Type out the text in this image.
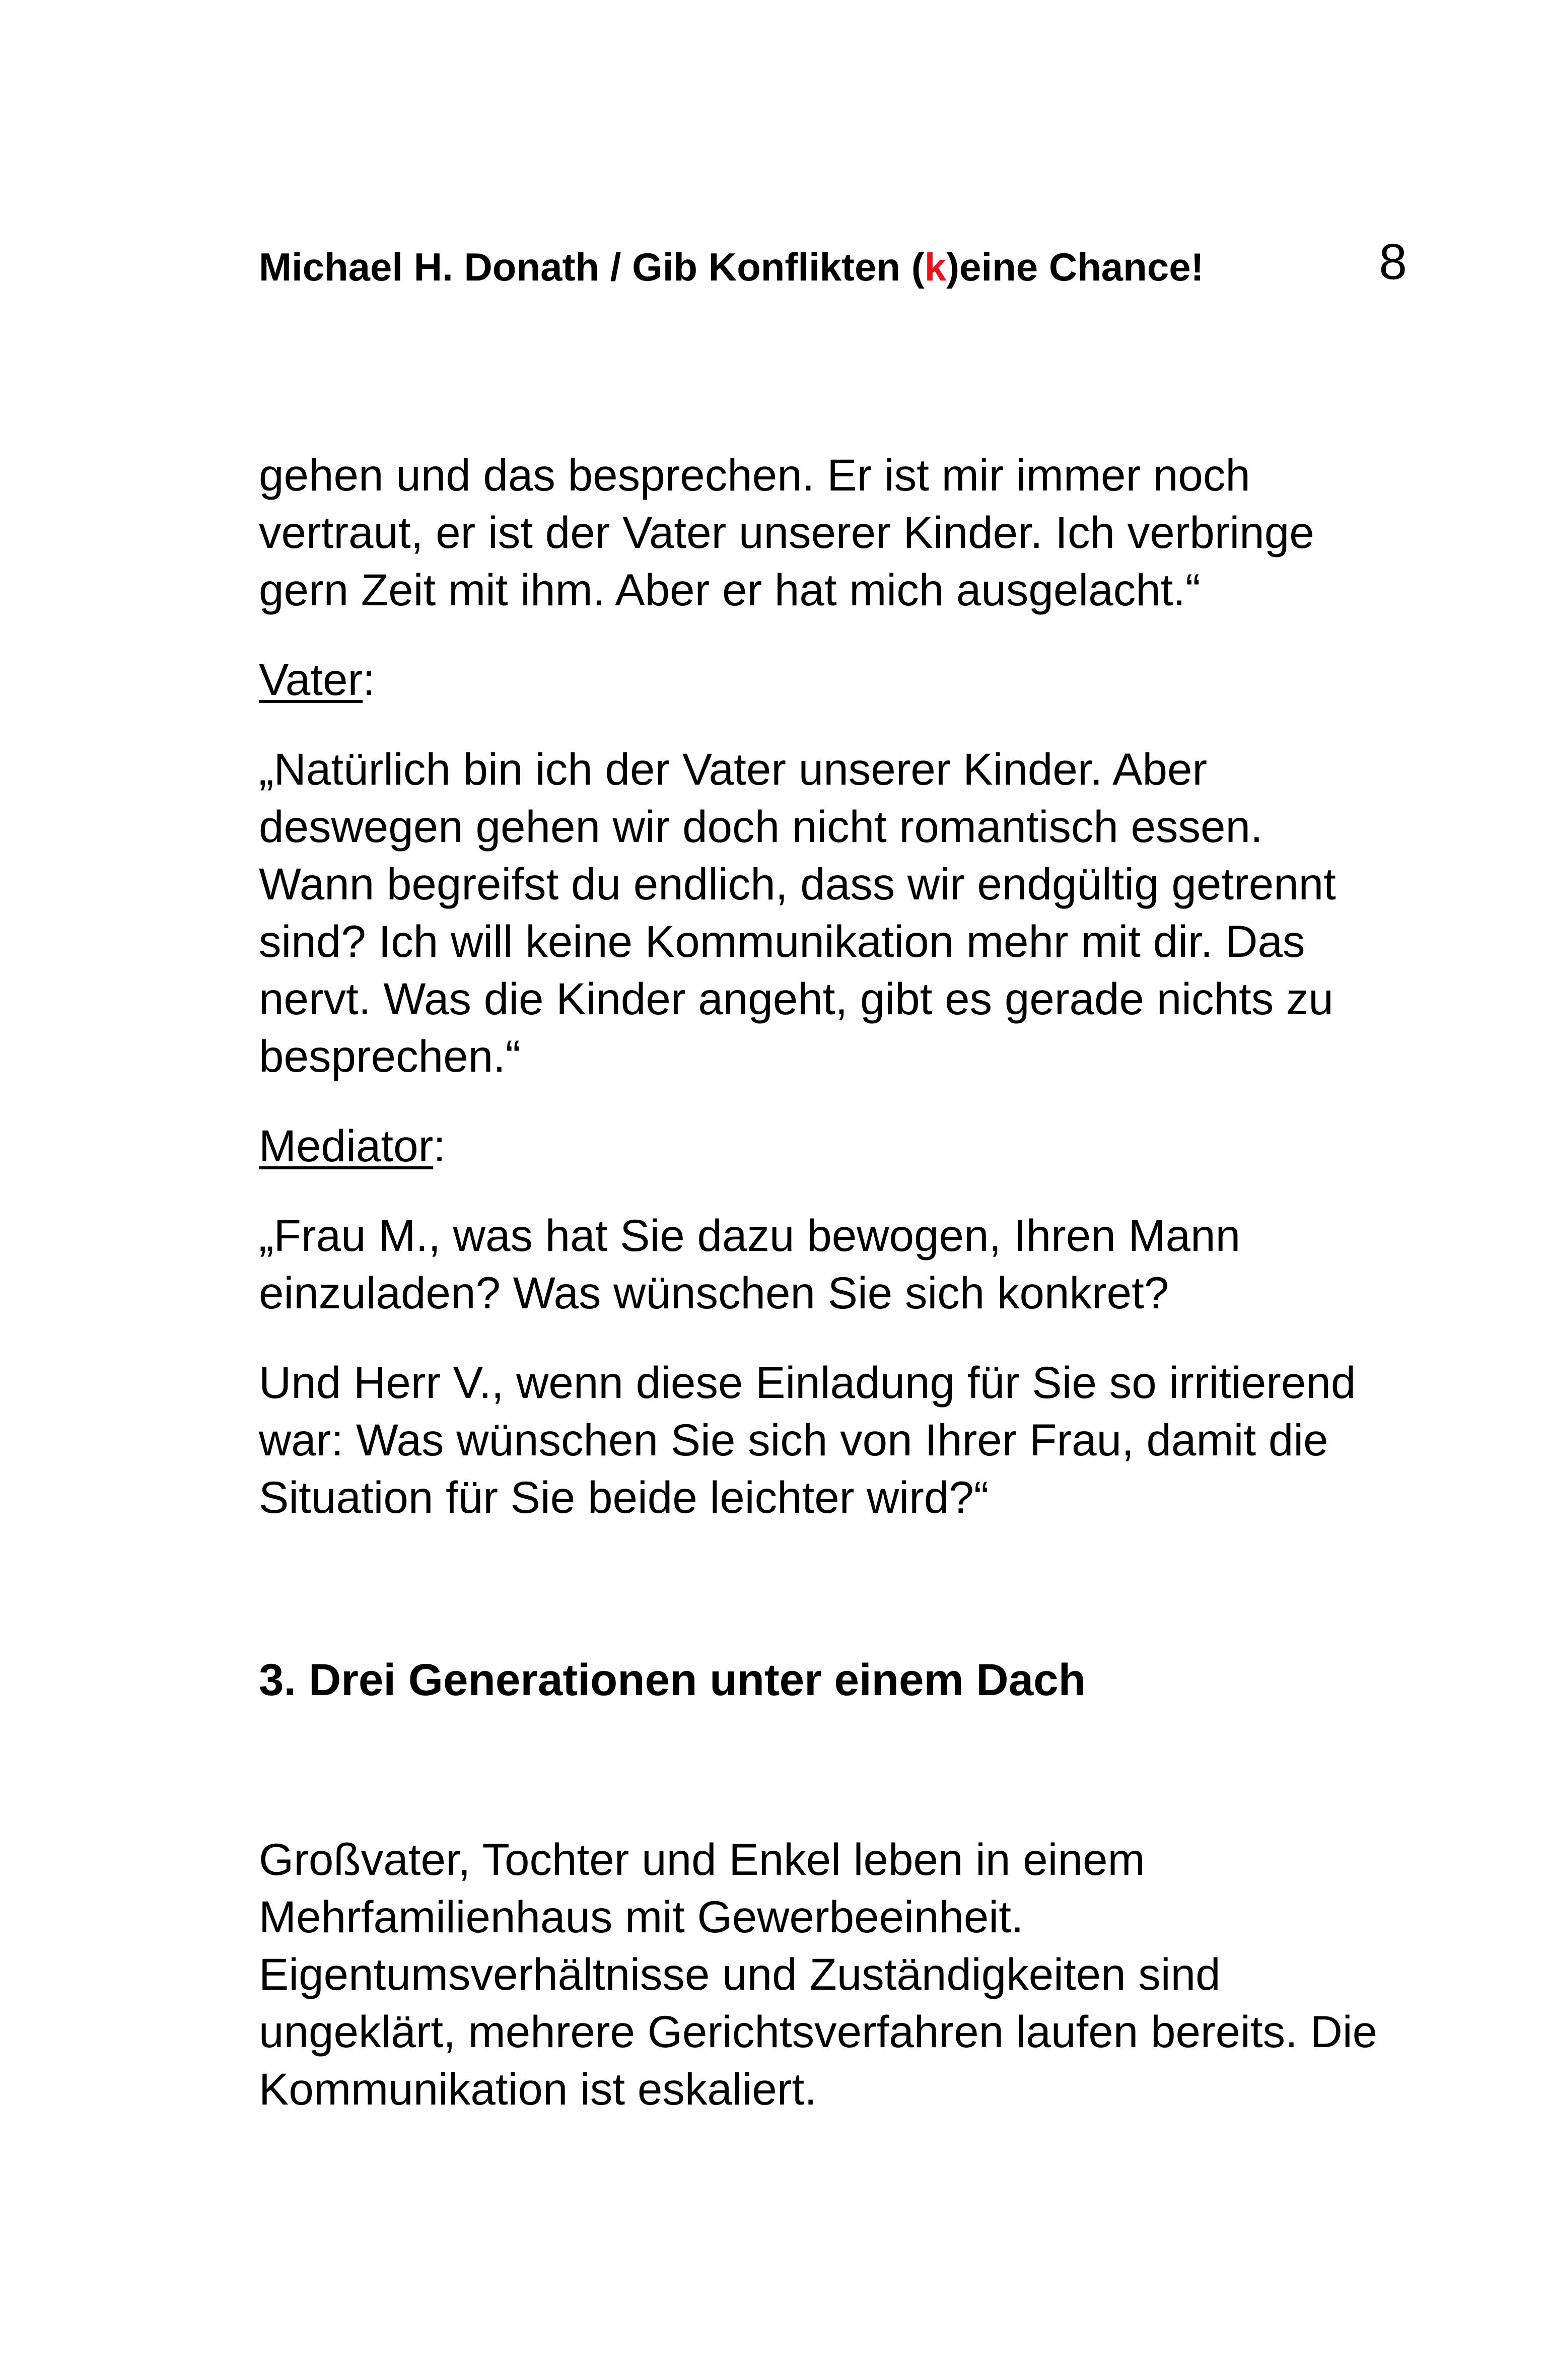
Michael H. Donath / Gib Konflikten (k)eine Chance!	8

gehen und das besprechen. Er ist mir immer noch
vertraut, er ist der Vater unserer Kinder. Ich verbringe
gern Zeit mit ihm. Aber er hat mich ausgelacht.“

Vater:

„Natürlich bin ich der Vater unserer Kinder. Aber
deswegen gehen wir doch nicht romantisch essen.
Wann begreifst du endlich, dass wir endgültig getrennt
sind? Ich will keine Kommunikation mehr mit dir. Das
nervt. Was die Kinder angeht, gibt es gerade nichts zu
besprechen.“

Mediator:

„Frau M., was hat Sie dazu bewogen, Ihren Mann
einzuladen? Was wünschen Sie sich konkret?

Und Herr V., wenn diese Einladung für Sie so irritierend
war: Was wünschen Sie sich von Ihrer Frau, damit die
Situation für Sie beide leichter wird?“

3. Drei Generationen unter einem Dach
Großvater, Tochter und Enkel leben in einem
Mehrfamilienhaus mit Gewerbeeinheit.
Eigentumsverhältnisse und Zuständigkeiten sind
ungeklärt, mehrere Gerichtsverfahren laufen bereits. Die
Kommunikation ist eskaliert.
